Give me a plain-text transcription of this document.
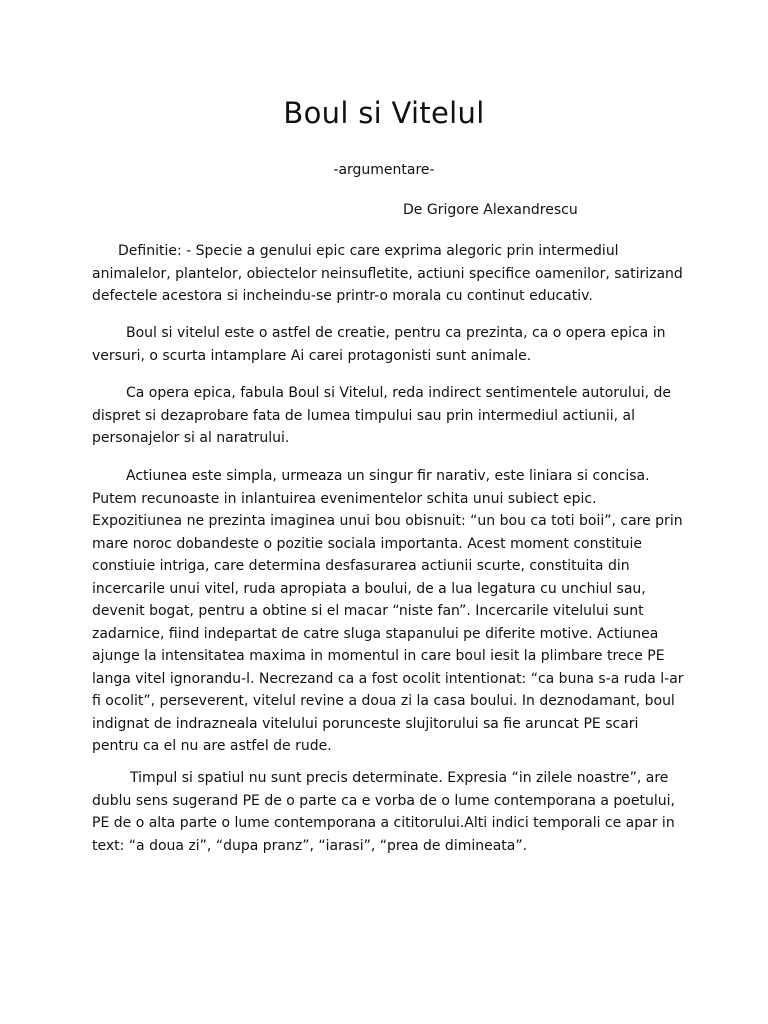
Boul si Vitelul
-argumentare-
De Grigore Alexandrescu

Definitie: - Specie a genului epic care exprima alegoric prin intermediul animalelor, plantelor, obiectelor neinsufletite, actiuni specifice oamenilor, satirizand defectele acestora si incheindu-se printr-o morala cu continut educativ.

Boul si vitelul este o astfel de creatie, pentru ca prezinta, ca o opera epica in versuri, o scurta intamplare Ai carei protagonisti sunt animale.

Ca opera epica, fabula Boul si Vitelul, reda indirect sentimentele autorului, de dispret si dezaprobare fata de lumea timpului sau prin intermediul actiunii, al personajelor si al naratrului.

Actiunea este simpla, urmeaza un singur fir narativ, este liniara si concisa. Putem recunoaste in inlantuirea evenimentelor schita unui subiect epic. Expozitiunea ne prezinta imaginea unui bou obisnuit: “un bou ca toti boii”, care prin mare noroc dobandeste o pozitie sociala importanta. Acest moment constituie constiuie intriga, care determina desfasurarea actiunii scurte, constituita din incercarile unui vitel, ruda apropiata a boului, de a lua legatura cu unchiul sau, devenit bogat, pentru a obtine si el macar “niste fan”. Incercarile vitelului sunt zadarnice, fiind indepartat de catre sluga stapanului pe diferite motive. Actiunea ajunge la intensitatea maxima in momentul in care boul iesit la plimbare trece PE langa vitel ignorandu-l. Necrezand ca a fost ocolit intentionat: “ca buna s-a ruda l-ar fi ocolit”, perseverent, vitelul revine a doua zi la casa boului. In deznodamant, boul indignat de indrazneala vitelului porunceste slujitorului sa fie aruncat PE scari pentru ca el nu are astfel de rude.

Timpul si spatiul nu sunt precis determinate. Expresia “in zilele noastre”, are dublu sens sugerand PE de o parte ca e vorba de o lume contemporana a poetului, PE de o alta parte o lume contemporana a cititorului.Alti indici temporali ce apar in text: “a doua zi”, “dupa pranz”, “iarasi”, “prea de dimineata”.
